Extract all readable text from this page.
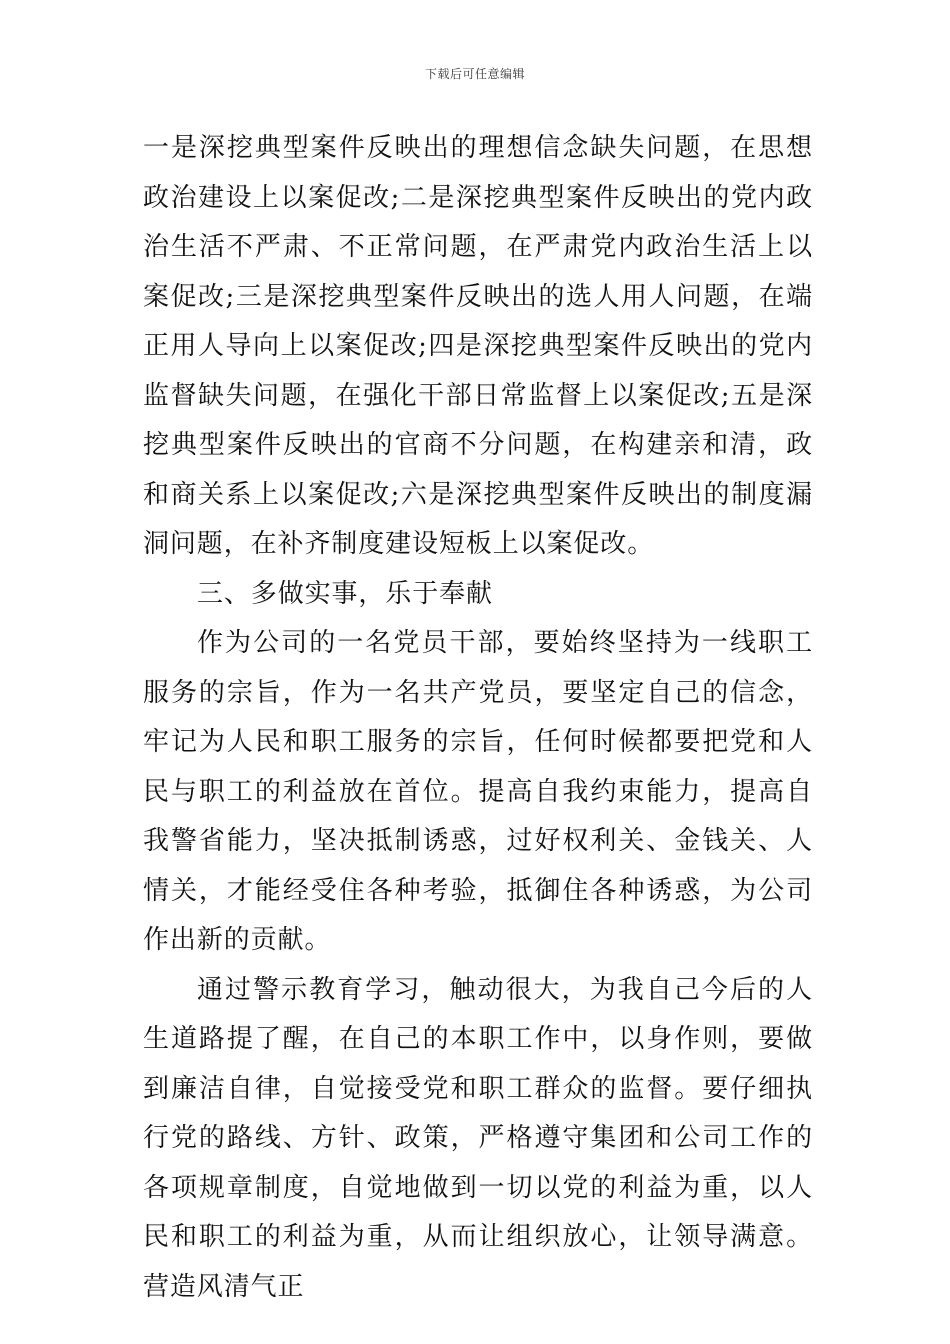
下载后可任意编辑

一是深挖典型案件反映出的理想信念缺失问题，在思想政治建设上以案促改;二是深挖典型案件反映出的党内政治生活不严肃、不正常问题，在严肃党内政治生活上以案促改;三是深挖典型案件反映出的选人用人问题，在端正用人导向上以案促改;四是深挖典型案件反映出的党内监督缺失问题，在强化干部日常监督上以案促改;五是深挖典型案件反映出的官商不分问题，在构建亲和清，政和商关系上以案促改;六是深挖典型案件反映出的制度漏洞问题，在补齐制度建设短板上以案促改。

三、多做实事，乐于奉献

作为公司的一名党员干部，要始终坚持为一线职工服务的宗旨，作为一名共产党员，要坚定自己的信念，牢记为人民和职工服务的宗旨，任何时候都要把党和人民与职工的利益放在首位。提高自我约束能力，提高自我警省能力，坚决抵制诱惑，过好权利关、金钱关、人情关，才能经受住各种考验，抵御住各种诱惑，为公司作出新的贡献。

通过警示教育学习，触动很大，为我自己今后的人生道路提了醒，在自己的本职工作中，以身作则，要做到廉洁自律，自觉接受党和职工群众的监督。要仔细执行党的路线、方针、政策，严格遵守集团和公司工作的各项规章制度，自觉地做到一切以党的利益为重，以人民和职工的利益为重，从而让组织放心，让领导满意。营造风清气正
